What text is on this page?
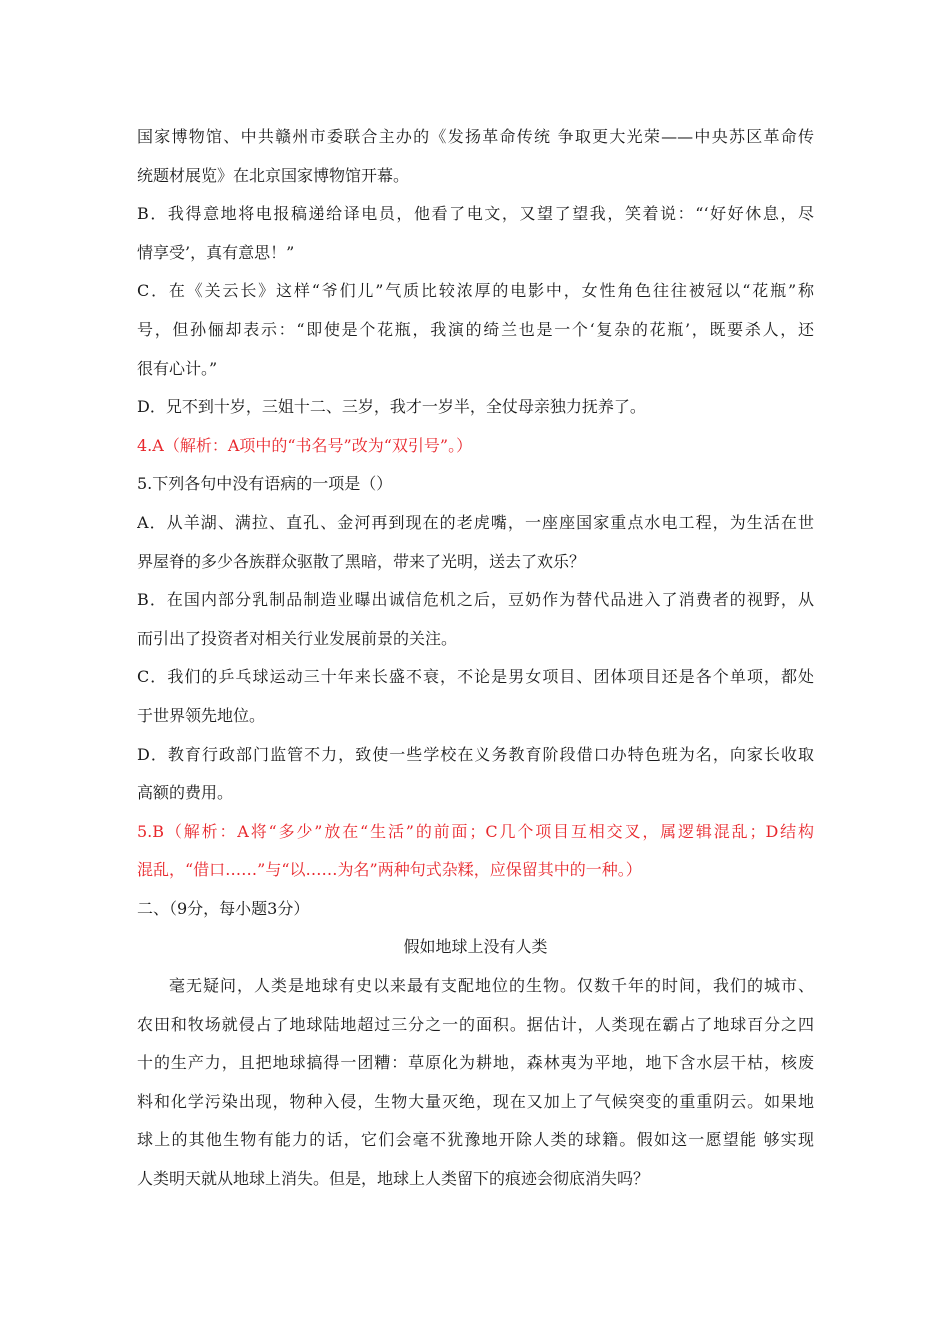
国家博物馆、中共赣州市委联合主办的《发扬革命传统 争取更大光荣——中央苏区革命传
统题材展览》在北京国家博物馆开幕。
B．我得意地将电报稿递给译电员，他看了电文，又望了望我，笑着说：“‘好好休息，尽
情享受’，真有意思！”
C．在《关云长》这样“爷们儿”气质比较浓厚的电影中，女性角色往往被冠以“花瓶”称
号，但孙俪却表示：“即使是个花瓶，我演的绮兰也是一个‘复杂的花瓶’，既要杀人，还
很有心计。”
D．兄不到十岁，三姐十二、三岁，我才一岁半，全仗母亲独力抚养了。
4.A（解析：A项中的“书名号”改为“双引号”。）
5.下列各句中没有语病的一项是（）
A．从羊湖、满拉、直孔、金河再到现在的老虎嘴，一座座国家重点水电工程，为生活在世
界屋脊的多少各族群众驱散了黑暗，带来了光明，送去了欢乐？
B．在国内部分乳制品制造业曝出诚信危机之后，豆奶作为替代品进入了消费者的视野，从
而引出了投资者对相关行业发展前景的关注。
C．我们的乒乓球运动三十年来长盛不衰，不论是男女项目、团体项目还是各个单项，都处
于世界领先地位。
D．教育行政部门监管不力，致使一些学校在义务教育阶段借口办特色班为名，向家长收取
高额的费用。
5.B（解析：A将“多少”放在“生活”的前面；C几个项目互相交叉，属逻辑混乱；D结构
混乱，“借口……”与“以……为名”两种句式杂糅，应保留其中的一种。）
二、（9分，每小题3分）
假如地球上没有人类
毫无疑问，人类是地球有史以来最有支配地位的生物。仅数千年的时间，我们的城市、
农田和牧场就侵占了地球陆地超过三分之一的面积。据估计，人类现在霸占了地球百分之四
十的生产力，且把地球搞得一团糟：草原化为耕地，森林夷为平地，地下含水层干枯，核废
料和化学污染出现，物种入侵，生物大量灭绝，现在又加上了气候突变的重重阴云。如果地
球上的其他生物有能力的话，它们会毫不犹豫地开除人类的球籍。假如这一愿望能 够实现
人类明天就从地球上消失。但是，地球上人类留下的痕迹会彻底消失吗？
